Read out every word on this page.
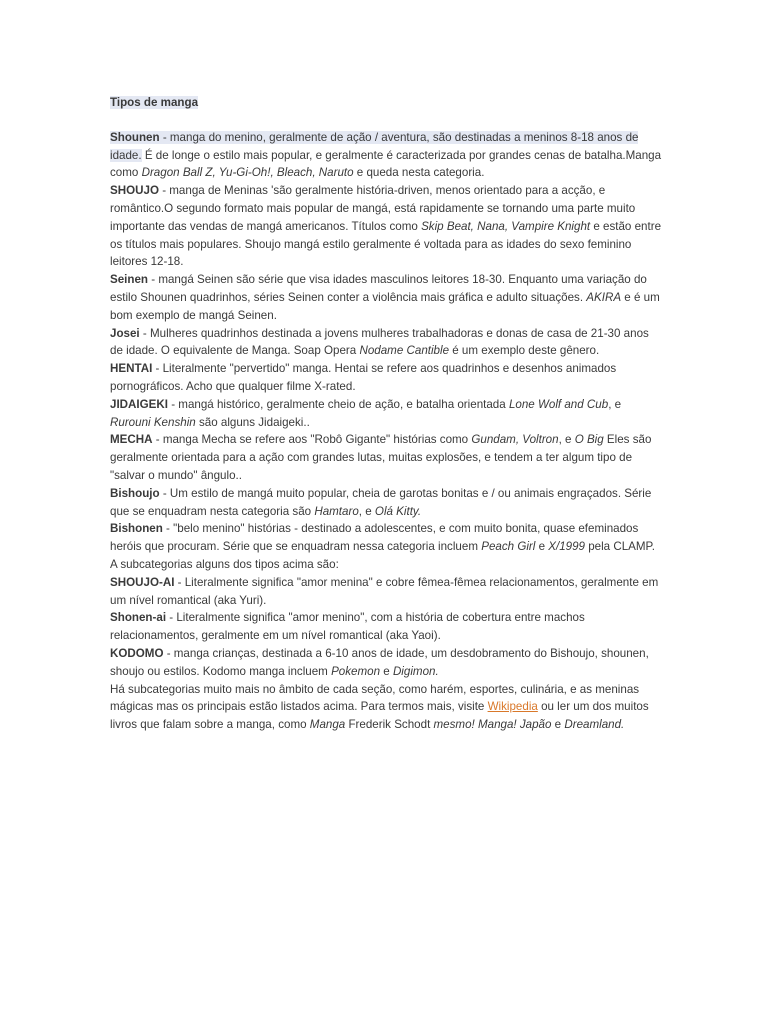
Tipos de manga

Shounen - manga do menino, geralmente de ação / aventura, são destinadas a meninos 8-18 anos de idade. É de longe o estilo mais popular, e geralmente é caracterizada por grandes cenas de batalha.Manga como Dragon Ball Z, Yu-Gi-Oh!, Bleach, Naruto e queda nesta categoria.

SHOUJO - manga de Meninas 'são geralmente história-driven, menos orientado para a acção, e romântico.O segundo formato mais popular de mangá, está rapidamente se tornando uma parte muito importante das vendas de mangá americanos. Títulos como Skip Beat, Nana, Vampire Knight e estão entre os títulos mais populares. Shoujo mangá estilo geralmente é voltada para as idades do sexo feminino leitores 12-18.

Seinen - mangá Seinen são série que visa idades masculinos leitores 18-30. Enquanto uma variação do estilo Shounen quadrinhos, séries Seinen conter a violência mais gráfica e adulto situações. AKIRA e é um bom exemplo de mangá Seinen.

Josei - Mulheres quadrinhos destinada a jovens mulheres trabalhadoras e donas de casa de 21-30 anos de idade. O equivalente de Manga. Soap Opera Nodame Cantible é um exemplo deste gênero.

HENTAI - Literalmente "pervertido" manga. Hentai se refere aos quadrinhos e desenhos animados pornográficos. Acho que qualquer filme X-rated.

JIDAIGEKI - mangá histórico, geralmente cheio de ação, e batalha orientada Lone Wolf and Cub, e Rurouni Kenshin são alguns Jidaigeki..

MECHA - manga Mecha se refere aos "Robô Gigante" histórias como Gundam, Voltron, e O Big Eles são geralmente orientada para a ação com grandes lutas, muitas explosões, e tendem a ter algum tipo de "salvar o mundo" ângulo..

Bishoujo - Um estilo de mangá muito popular, cheia de garotas bonitas e / ou animais engraçados. Série que se enquadram nesta categoria são Hamtaro, e Olá Kitty.

Bishonen - "belo menino" histórias - destinado a adolescentes, e com muito bonita, quase efeminados heróis que procuram. Série que se enquadram nessa categoria incluem Peach Girl e X/1999 pela CLAMP.

A subcategorias alguns dos tipos acima são:

SHOUJO-AI - Literalmente significa "amor menina" e cobre fêmea-fêmea relacionamentos, geralmente em um nível romantical (aka Yuri).

Shonen-ai - Literalmente significa "amor menino", com a história de cobertura entre machos relacionamentos, geralmente em um nível romantical (aka Yaoi).

KODOMO - manga crianças, destinada a 6-10 anos de idade, um desdobramento do Bishoujo, shounen, shoujo ou estilos. Kodomo manga incluem Pokemon e Digimon.

Há subcategorias muito mais no âmbito de cada seção, como harém, esportes, culinária, e as meninas mágicas mas os principais estão listados acima. Para termos mais, visite Wikipedia ou ler um dos muitos livros que falam sobre a manga, como Manga Frederik Schodt mesmo! Manga! Japão e Dreamland.
